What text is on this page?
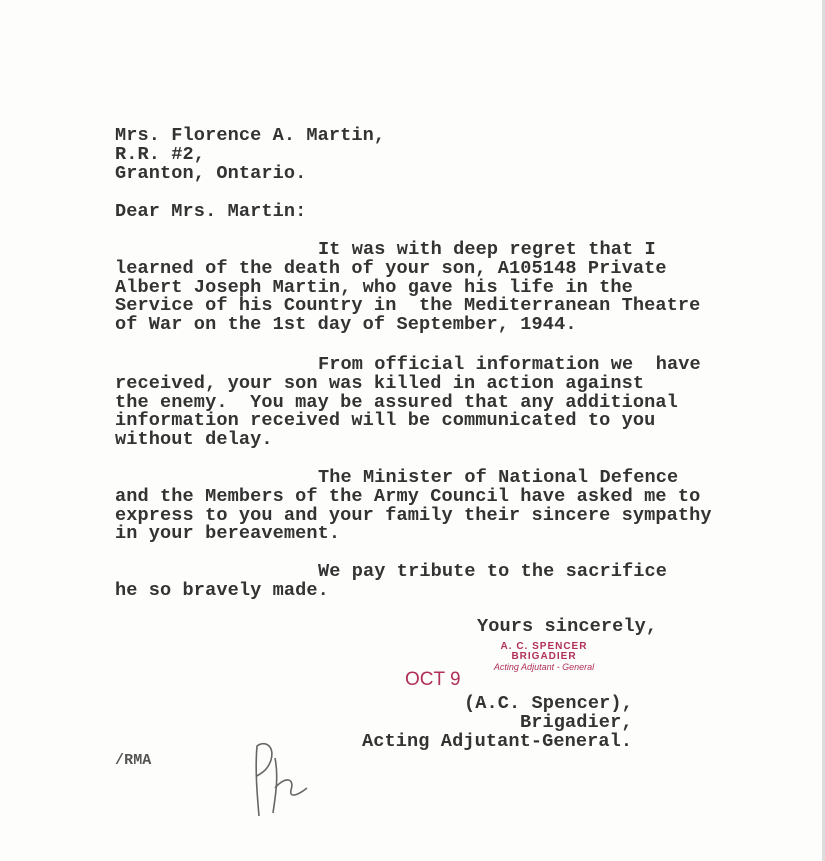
Mrs. Florence A. Martin,
R.R. #2,
Granton, Ontario.
Dear Mrs. Martin:
It was with deep regret that I
learned of the death of your son, A105148 Private
Albert Joseph Martin, who gave his life in the
Service of his Country in  the Mediterranean Theatre
of War on the 1st day of September, 1944.
From official information we  have
received, your son was killed in action against
the enemy.  You may be assured that any additional
information received will be communicated to you
without delay.
The Minister of National Defence
and the Members of the Army Council have asked me to
express to you and your family their sincere sympathy
in your bereavement.
We pay tribute to the sacrifice
he so bravely made.
Yours sincerely,
A. C. SPENCER
BRIGADIER
Acting Adjutant - General
OCT 9
(A.C. Spencer),
Brigadier,
Acting Adjutant-General.
/RMA
